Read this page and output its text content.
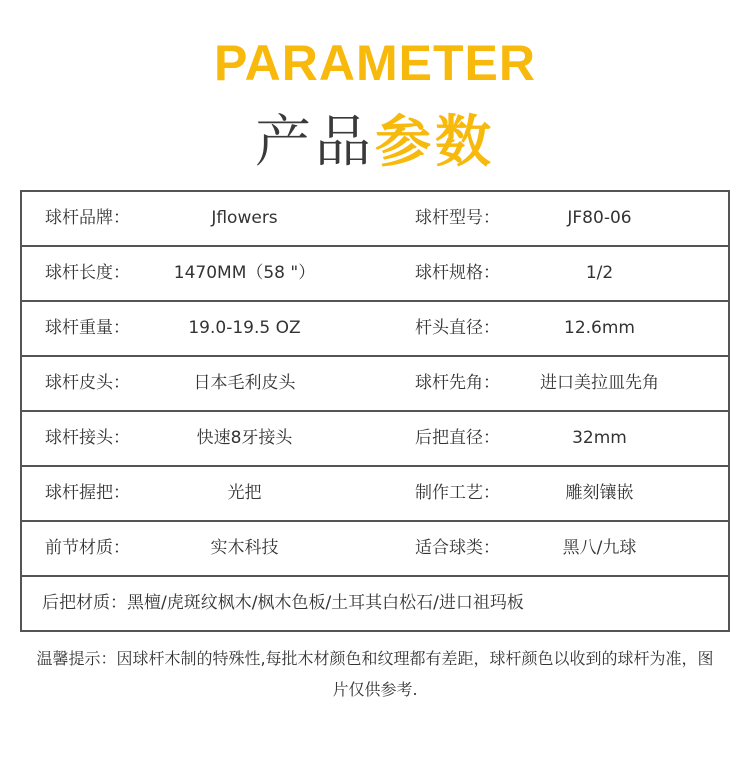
PARAMETER
产品参数
球杆品牌：	Jflowers	球杆型号：	JF80-06
球杆长度：	1470MM（58 "）	球杆规格：	1/2
球杆重量：	19.0-19.5 OZ	杆头直径：	12.6mm
球杆皮头：	日本毛利皮头	球杆先角：	进口美拉皿先角
球杆接头：	快速8牙接头	后把直径：	32mm
球杆握把：	光把	制作工艺：	雕刻镶嵌
前节材质：	实木科技	适合球类：	黑八/九球
后把材质：黑檀/虎斑纹枫木/枫木色板/土耳其白松石/进口祖玛板
温馨提示：因球杆木制的特殊性,每批木材颜色和纹理都有差距，球杆颜色以收到的球杆为准，图片仅供参考.
